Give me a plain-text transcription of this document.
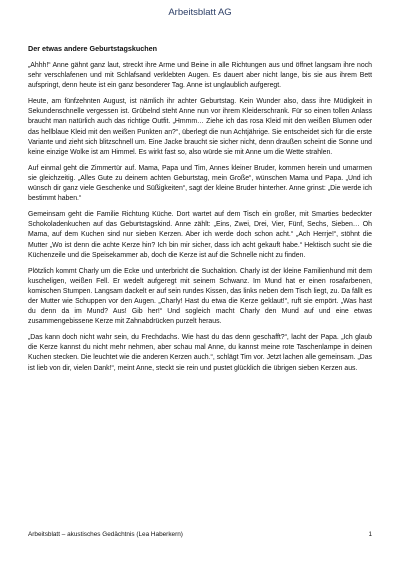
Arbeitsblatt AG
Der etwas andere Geburtstagskuchen

„Ahhh!“ Anne gähnt ganz laut, streckt ihre Arme und Beine in alle Richtungen aus und öffnet langsam ihre noch sehr verschlafenen und mit Schlafsand verklebten Augen. Es dauert aber nicht lange, bis sie aus ihrem Bett aufspringt, denn heute ist ein ganz besonderer Tag. Anne ist unglaublich aufgeregt.

Heute, am fünfzehnten August, ist nämlich ihr achter Geburtstag. Kein Wunder also, dass ihre Müdigkeit in Sekundenschnelle vergessen ist. Grübelnd steht Anne nun vor ihrem Kleiderschrank. Für so einen tollen Anlass braucht man natürlich auch das richtige Outfit. „Hmmm… Ziehe ich das rosa Kleid mit den weißen Blumen oder das hellblaue Kleid mit den weißen Punkten an?“, überlegt die nun Achtjährige. Sie entscheidet sich für die erste Variante und zieht sich blitzschnell um. Eine Jacke braucht sie sicher nicht, denn draußen scheint die Sonne und keine einzige Wolke ist am Himmel. Es wirkt fast so, also würde sie mit Anne um die Wette strahlen.

Auf einmal geht die Zimmertür auf. Mama, Papa und Tim, Annes kleiner Bruder, kommen herein und umarmen sie gleichzeitig. „Alles Gute zu deinem achten Geburtstag, mein Große“, wünschen Mama und Papa. „Und ich wünsch dir ganz viele Geschenke und Süßigkeiten“, sagt der kleine Bruder hinterher. Anne grinst: „Die werde ich bestimmt haben.“

Gemeinsam geht die Familie Richtung Küche. Dort wartet auf dem Tisch ein großer, mit Smarties bedeckter Schokoladenkuchen auf das Geburtstagskind. Anne zählt: „Eins, Zwei, Drei, Vier, Fünf, Sechs, Sieben… Oh Mama, auf dem Kuchen sind nur sieben Kerzen. Aber ich werde doch schon acht.“ „Ach Herrje!“, stöhnt die Mutter „Wo ist denn die achte Kerze hin? Ich bin mir sicher, dass ich acht gekauft habe.“ Hektisch sucht sie die Küchenzeile und die Speisekammer ab, doch die Kerze ist auf die Schnelle nicht zu finden.

Plötzlich kommt Charly um die Ecke und unterbricht die Suchaktion. Charly ist der kleine Familienhund mit dem kuscheligen, weißen Fell. Er wedelt aufgeregt mit seinem Schwanz. Im Mund hat er einen rosafarbenen, komischen Stumpen. Langsam dackelt er auf sein rundes Kissen, das links neben dem Tisch liegt, zu. Da fällt es der Mutter wie Schuppen vor den Augen. „Charly! Hast du etwa die Kerze geklaut!“, ruft sie empört. „Was hast du denn da im Mund? Aus! Gib her!“ Und sogleich macht Charly den Mund auf und eine etwas zusammengebissene Kerze mit Zahnabdrücken purzelt heraus.

„Das kann doch nicht wahr sein, du Frechdachs. Wie hast du das denn geschafft?“, lacht der Papa. „Ich glaub die Kerze kannst du nicht mehr nehmen, aber schau mal Anne, du kannst meine rote Taschenlampe in deinen Kuchen stecken. Die leuchtet wie die anderen Kerzen auch.“, schlägt Tim vor. Jetzt lachen alle gemeinsam. „Das ist lieb von dir, vielen Dank!“, meint Anne, steckt sie rein und pustet glücklich die übrigen sieben Kerzen aus.

Arbeitsblatt – akustisches Gedächtnis (Lea Haberkern)	1
